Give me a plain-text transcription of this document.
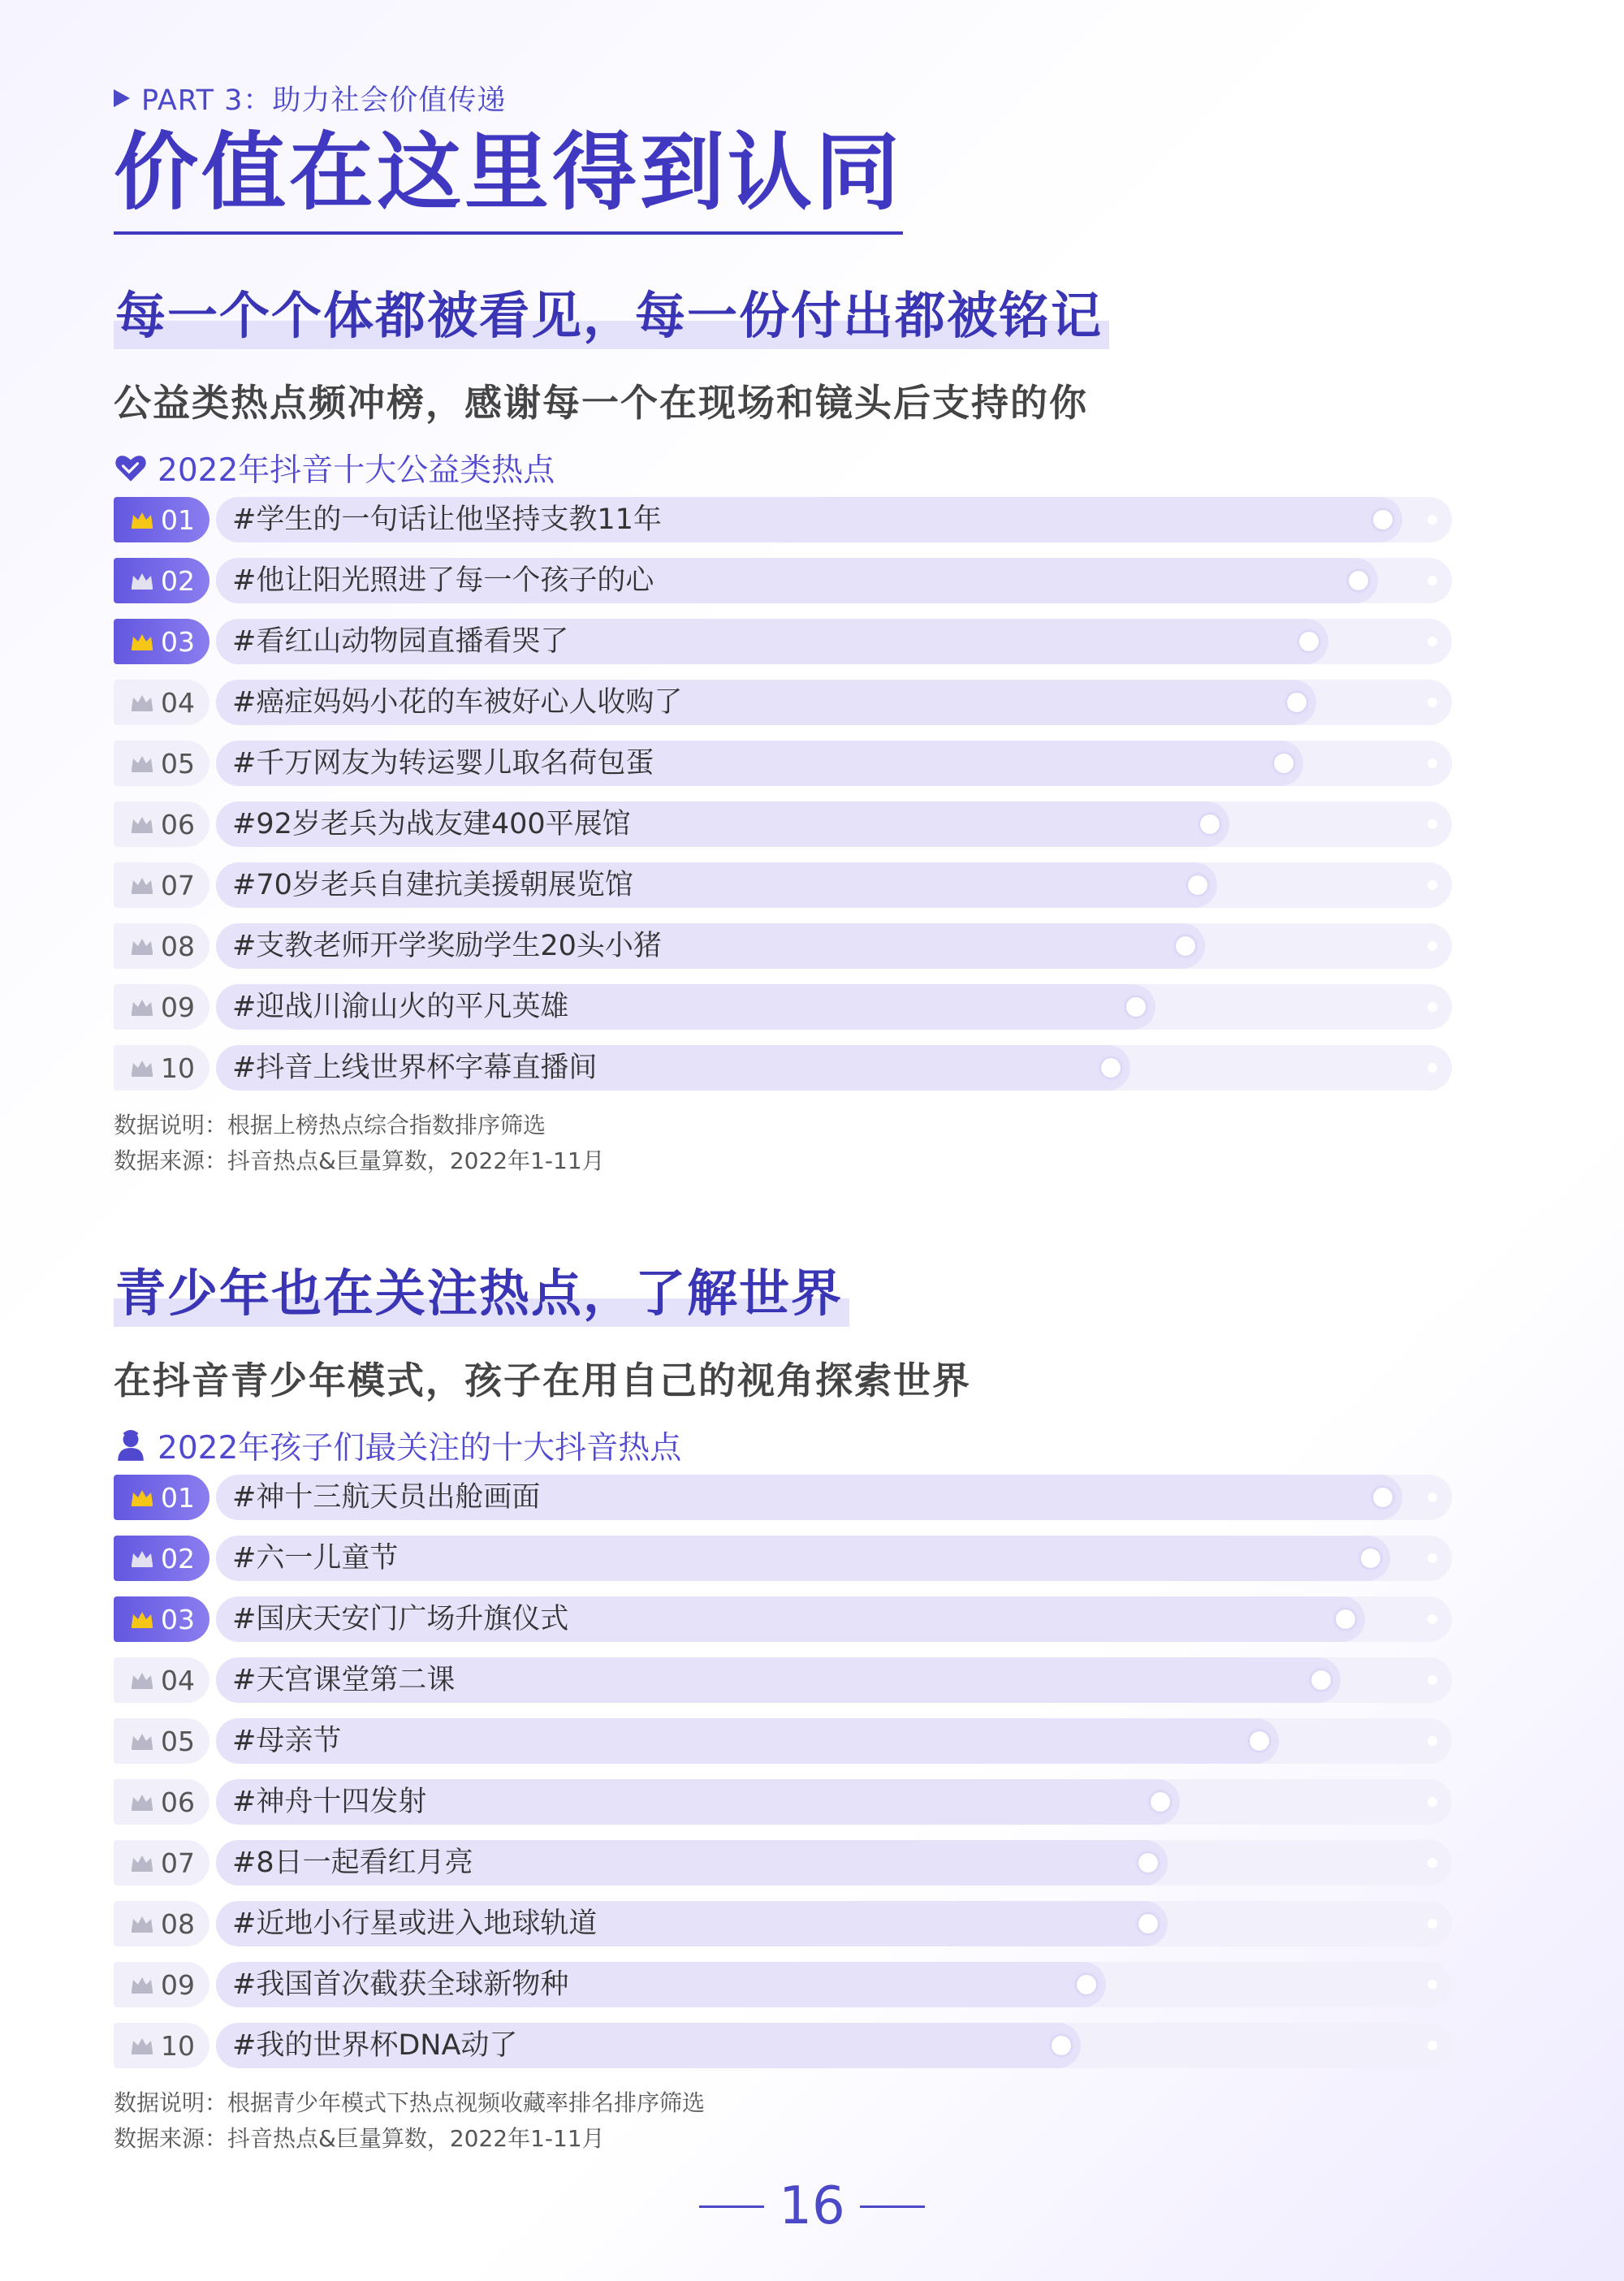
PART 3：助力社会价值传递
价值在这里得到认同
每一个个体都被看见，每一份付出都被铭记
公益类热点频冲榜，感谢每一个在现场和镜头后支持的你
2022年抖音十大公益类热点
01 #学生的一句话让他坚持支教11年
02 #他让阳光照进了每一个孩子的心
03 #看红山动物园直播看哭了
04 #癌症妈妈小花的车被好心人收购了
05 #千万网友为转运婴儿取名荷包蛋
06 #92岁老兵为战友建400平展馆
07 #70岁老兵自建抗美援朝展览馆
08 #支教老师开学奖励学生20头小猪
09 #迎战川渝山火的平凡英雄
10 #抖音上线世界杯字幕直播间
数据说明：根据上榜热点综合指数排序筛选
数据来源：抖音热点&巨量算数，2022年1-11月
青少年也在关注热点，了解世界
在抖音青少年模式，孩子在用自己的视角探索世界
2022年孩子们最关注的十大抖音热点
01 #神十三航天员出舱画面
02 #六一儿童节
03 #国庆天安门广场升旗仪式
04 #天宫课堂第二课
05 #母亲节
06 #神舟十四发射
07 #8日一起看红月亮
08 #近地小行星或进入地球轨道
09 #我国首次截获全球新物种
10 #我的世界杯DNA动了
数据说明：根据青少年模式下热点视频收藏率排名排序筛选
数据来源：抖音热点&巨量算数，2022年1-11月
16
